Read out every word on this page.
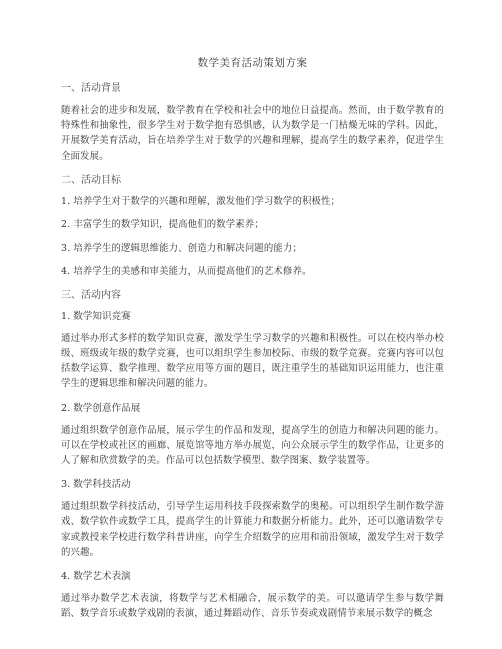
数学美育活动策划方案
一、活动背景
随着社会的进步和发展，数学教育在学校和社会中的地位日益提高。然而，由于数学教育的特殊性和抽象性，很多学生对于数学抱有恐惧感，认为数学是一门枯燥无味的学科。因此，开展数学美育活动，旨在培养学生对于数学的兴趣和理解，提高学生的数学素养，促进学生全面发展。
二、活动目标
1. 培养学生对于数学的兴趣和理解，激发他们学习数学的积极性；
2. 丰富学生的数学知识，提高他们的数学素养；
3. 培养学生的逻辑思维能力、创造力和解决问题的能力；
4. 培养学生的美感和审美能力，从而提高他们的艺术修养。
三、活动内容
1. 数学知识竞赛
通过举办形式多样的数学知识竞赛，激发学生学习数学的兴趣和积极性。可以在校内举办校级、班级或年级的数学竞赛，也可以组织学生参加校际、市级的数学竞赛。竞赛内容可以包括数学运算、数学推理、数学应用等方面的题目，既注重学生的基础知识运用能力，也注重学生的逻辑思维和解决问题的能力。
2. 数学创意作品展
通过组织数学创意作品展，展示学生的作品和发现，提高学生的创造力和解决问题的能力。可以在学校或社区的画廊、展览馆等地方举办展览，向公众展示学生的数学作品，让更多的人了解和欣赏数学的美。作品可以包括数学模型、数学图案、数学装置等。
3. 数学科技活动
通过组织数学科技活动，引导学生运用科技手段探索数学的奥秘。可以组织学生制作数学游戏、数学软件或数学工具，提高学生的计算能力和数据分析能力。此外，还可以邀请数学专家或教授来学校进行数学科普讲座，向学生介绍数学的应用和前沿领域，激发学生对于数学的兴趣。
4. 数学艺术表演
通过举办数学艺术表演，将数学与艺术相融合，展示数学的美。可以邀请学生参与数学舞蹈、数学音乐或数学戏剧的表演，通过舞蹈动作、音乐节奏或戏剧情节来展示数学的概念
